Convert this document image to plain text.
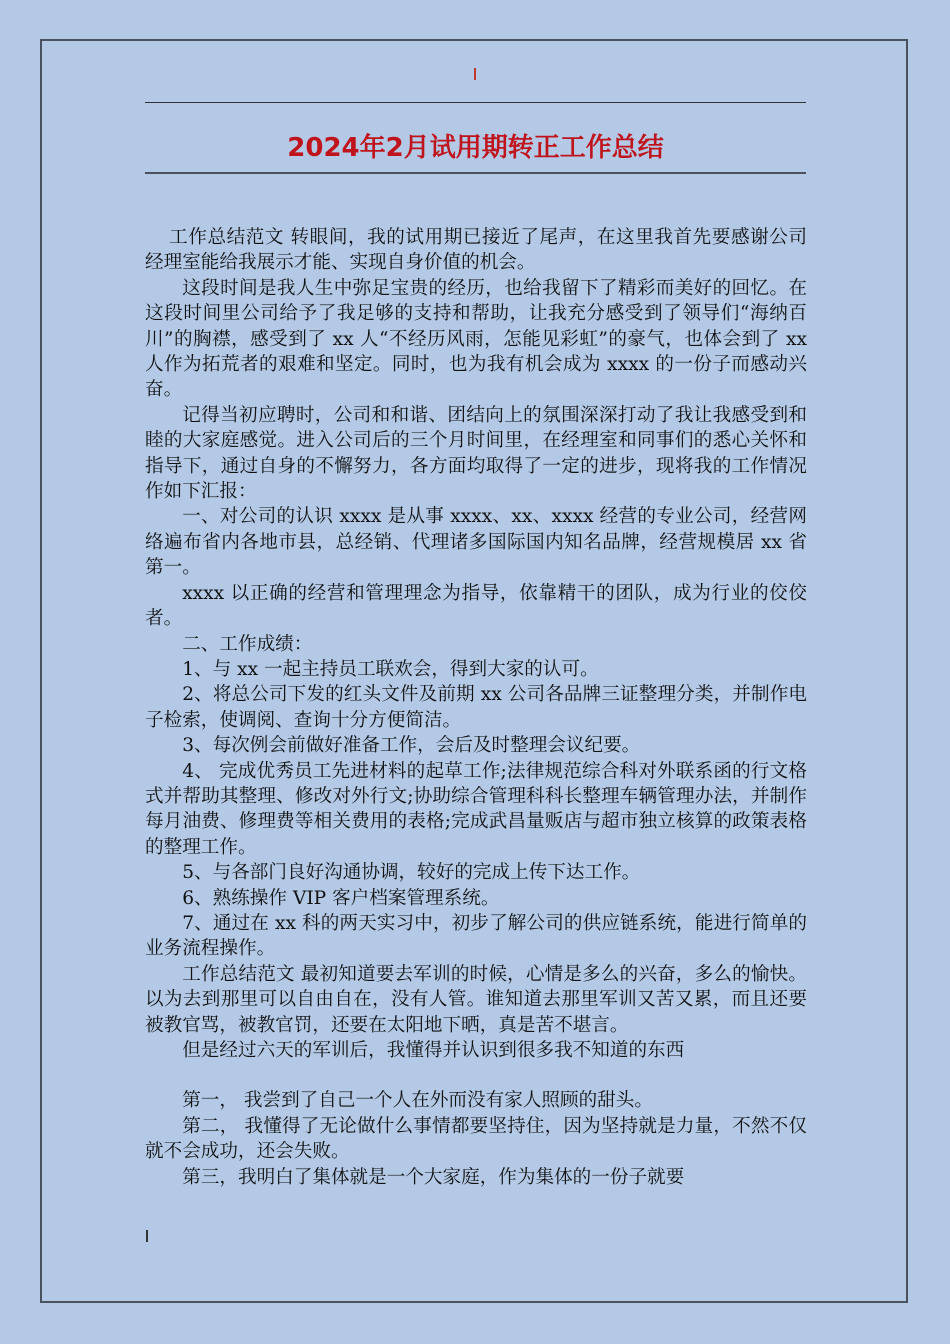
2024年2月试用期转正工作总结

工作总结范文 转眼间，我的试用期已接近了尾声，在这里我首先要感谢公司经理室能给我展示才能、实现自身价值的机会。

这段时间是我人生中弥足宝贵的经历，也给我留下了精彩而美好的回忆。在这段时间里公司给予了我足够的支持和帮助，让我充分感受到了领导们“海纳百川”的胸襟，感受到了 xx 人“不经历风雨，怎能见彩虹”的豪气，也体会到了 xx 人作为拓荒者的艰难和坚定。同时，也为我有机会成为 xxxx 的一份子而感动兴奋。

记得当初应聘时，公司和和谐、团结向上的氛围深深打动了我让我感受到和睦的大家庭感觉。进入公司后的三个月时间里，在经理室和同事们的悉心关怀和指导下，通过自身的不懈努力，各方面均取得了一定的进步，现将我的工作情况作如下汇报：

一、对公司的认识 xxxx 是从事 xxxx、xx、xxxx 经营的专业公司，经营网络遍布省内各地市县，总经销、代理诸多国际国内知名品牌，经营规模居 xx 省第一。

xxxx 以正确的经营和管理理念为指导，依靠精干的团队，成为行业的佼佼者。

二、工作成绩：

1、与 xx 一起主持员工联欢会，得到大家的认可。

2、将总公司下发的红头文件及前期 xx 公司各品牌三证整理分类，并制作电子检索，使调阅、查询十分方便简洁。

3、每次例会前做好准备工作，会后及时整理会议纪要。

4、 完成优秀员工先进材料的起草工作;法律规范综合科对外联系函的行文格式并帮助其整理、修改对外行文;协助综合管理科科长整理车辆管理办法，并制作每月油费、修理费等相关费用的表格;完成武昌量贩店与超市独立核算的政策表格的整理工作。

5、与各部门良好沟通协调，较好的完成上传下达工作。

6、熟练操作 VIP 客户档案管理系统。

7、通过在 xx 科的两天实习中，初步了解公司的供应链系统，能进行简单的业务流程操作。

工作总结范文 最初知道要去军训的时候，心情是多么的兴奋，多么的愉快。以为去到那里可以自由自在，没有人管。谁知道去那里军训又苦又累，而且还要被教官骂，被教官罚，还要在太阳地下晒，真是苦不堪言。

但是经过六天的军训后，我懂得并认识到很多我不知道的东西

第一， 我尝到了自己一个人在外而没有家人照顾的甜头。

第二， 我懂得了无论做什么事情都要坚持住，因为坚持就是力量，不然不仅就不会成功，还会失败。

第三，我明白了集体就是一个大家庭，作为集体的一份子就要
